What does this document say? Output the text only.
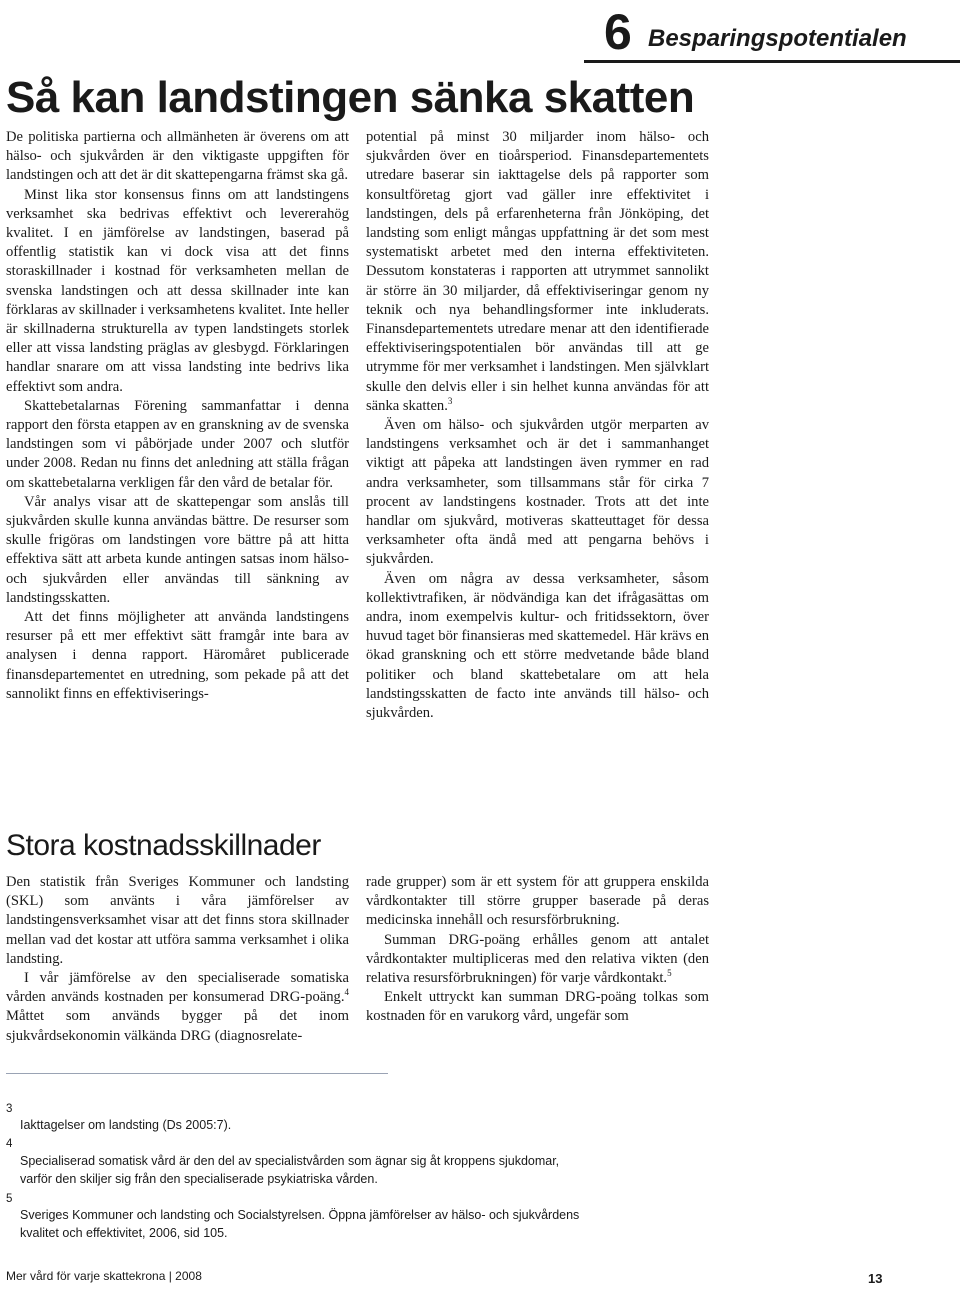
6 Besparingspotentialen
Så kan landstingen sänka skatten

De politiska partierna och allmänheten är överens om att hälso- och sjukvården är den viktigaste uppgiften för landstingen och att det är dit skattepengarna främst ska gå.

Minst lika stor konsensus finns om att landstingens verksamhet ska bedrivas effektivt och levererahög kvalitet. I en jämförelse av landstingen, baserad på offentlig statistik kan vi dock visa att det finns storaskillnader i kostnad för verksamheten mellan de svenska landstingen och att dessa skillnader inte kan förklaras av skillnader i verksamhetens kvalitet. Inte heller är skillnaderna strukturella av typen landstingets storlek eller att vissa landsting präglas av glesbygd. Förklaringen handlar snarare om att vissa landsting inte bedrivs lika effektivt som andra.

Skattebetalarnas Förening sammanfattar i denna rapport den första etappen av en granskning av de svenska landstingen som vi påbörjade under 2007 och slutför under 2008. Redan nu finns det anledning att ställa frågan om skattebetalarna verkligen får den vård de betalar för.

Vår analys visar att de skattepengar som anslås till sjukvården skulle kunna användas bättre. De resurser som skulle frigöras om landstingen vore bättre på att hitta effektiva sätt att arbeta kunde antingen satsas inom hälso- och sjukvården eller användas till sänkning av landstingsskatten.

Att det finns möjligheter att använda landstingens resurser på ett mer effektivt sätt framgår inte bara av analysen i denna rapport. Häromåret publicerade finansdepartementet en utredning, som pekade på att det sannolikt finns en effektiviserings-

potential på minst 30 miljarder inom hälso- och sjukvården över en tioårsperiod. Finansdepartementets utredare baserar sin iakttagelse dels på rapporter som konsultföretag gjort vad gäller inre effektivitet i landstingen, dels på erfarenheterna från Jönköping, det landsting som enligt mångas uppfattning är det som mest systematiskt arbetet med den interna effektiviteten. Dessutom konstateras i rapporten att utrymmet sannolikt är större än 30 miljarder, då effektiviseringar genom ny teknik och nya behandlingsformer inte inkluderats. Finansdepartementets utredare menar att den identifierade effektiviseringspotentialen bör användas till att ge utrymme för mer verksamhet i landstingen. Men självklart skulle den delvis eller i sin helhet kunna användas för att sänka skatten.$^3$

Även om hälso- och sjukvården utgör merparten av landstingens verksamhet och är det i sammanhanget viktigt att påpeka att landstingen även rymmer en rad andra verksamheter, som tillsammans står för cirka 7 procent av landstingens kostnader. Trots att det inte handlar om sjukvård, motiveras skatteuttaget för dessa verksamheter ofta ändå med att pengarna behövs i sjukvården.

Även om några av dessa verksamheter, såsom kollektivtrafiken, är nödvändiga kan det ifrågasättas om andra, inom exempelvis kultur- och fritidssektorn, över huvud taget bör finansieras med skattemedel. Här krävs en ökad granskning och ett större medvetande både bland politiker och bland skattebetalare om att hela landstingsskatten de facto inte används till hälso- och sjukvården.

Stora kostnadsskillnader

Den statistik från Sveriges Kommuner och landsting (SKL) som använts i våra jämförelser av landstingensverksamhet visar att det finns stora skillnader mellan vad det kostar att utföra samma verksamhet i olika landsting.

I vår jämförelse av den specialiserade somatiska vården används kostnaden per konsumerad DRG-poäng.$^4$ Måttet som används bygger på det inom sjukvårdsekonomin välkända DRG (diagnosrelate-

rade grupper) som är ett system för att gruppera enskilda vårdkontakter till större grupper baserade på deras medicinska innehåll och resursförbrukning.

Summan DRG-poäng erhålles genom att antalet vårdkontakter multipliceras med den relativa vikten (den relativa resursförbrukningen) för varje vårdkontakt.$^5$

Enkelt uttryckt kan summan DRG-poäng tolkas som kostnaden för en varukorg vård, ungefär som

3
Iakttagelser om landsting (Ds 2005:7).
4
Specialiserad somatisk vård är den del av specialistvården som ägnar sig åt kroppens sjukdomar, varför den skiljer sig från den specialiserade psykiatriska vården.
5
Sveriges Kommuner och landsting och Socialstyrelsen. Öppna jämförelser av hälso- och sjukvårdens kvalitet och effektivitet, 2006, sid 105.
Mer vård för varje skattekrona | 2008	13
